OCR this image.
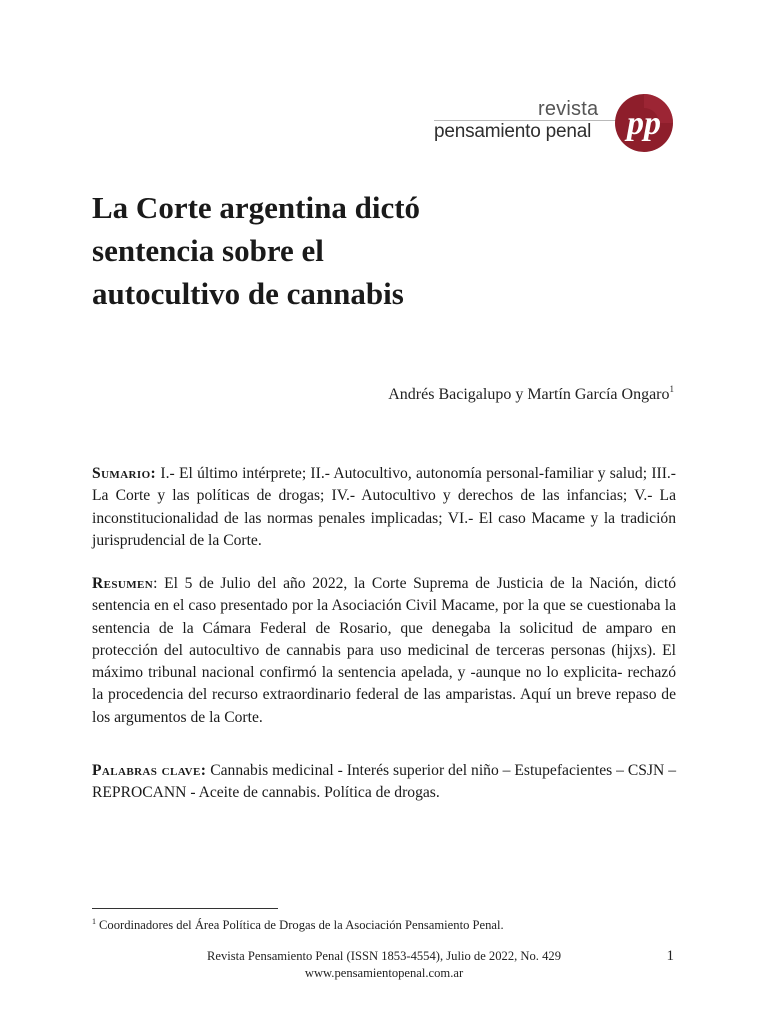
revista
pensamiento penal pp
La Corte argentina dictó
sentencia sobre el
autocultivo de cannabis
Andrés Bacigalupo y Martín García Ongaro$^1$

Sumario: I.- El último intérprete; II.- Autocultivo, autonomía personal-familiar y salud; III.- La Corte y las políticas de drogas; IV.- Autocultivo y derechos de las infancias; V.- La inconstitucionalidad de las normas penales implicadas; VI.- El caso Macame y la tradición jurisprudencial de la Corte.

Resumen: El 5 de Julio del año 2022, la Corte Suprema de Justicia de la Nación, dictó sentencia en el caso presentado por la Asociación Civil Macame, por la que se cuestionaba la sentencia de la Cámara Federal de Rosario, que denegaba la solicitud de amparo en protección del autocultivo de cannabis para uso medicinal de terceras personas (hijxs). El máximo tribunal nacional confirmó la sentencia apelada, y -aunque no lo explicita- rechazó la procedencia del recurso extraordinario federal de las amparistas. Aquí un breve repaso de los argumentos de la Corte.

Palabras clave: Cannabis medicinal - Interés superior del niño – Estupefacientes – CSJN – REPROCANN - Aceite de cannabis. Política de drogas.

$^1$ Coordinadores del Área Política de Drogas de la Asociación Pensamiento Penal.
Revista Pensamiento Penal (ISSN 1853-4554), Julio de 2022, No. 429
www.pensamientopenal.com.ar
1
